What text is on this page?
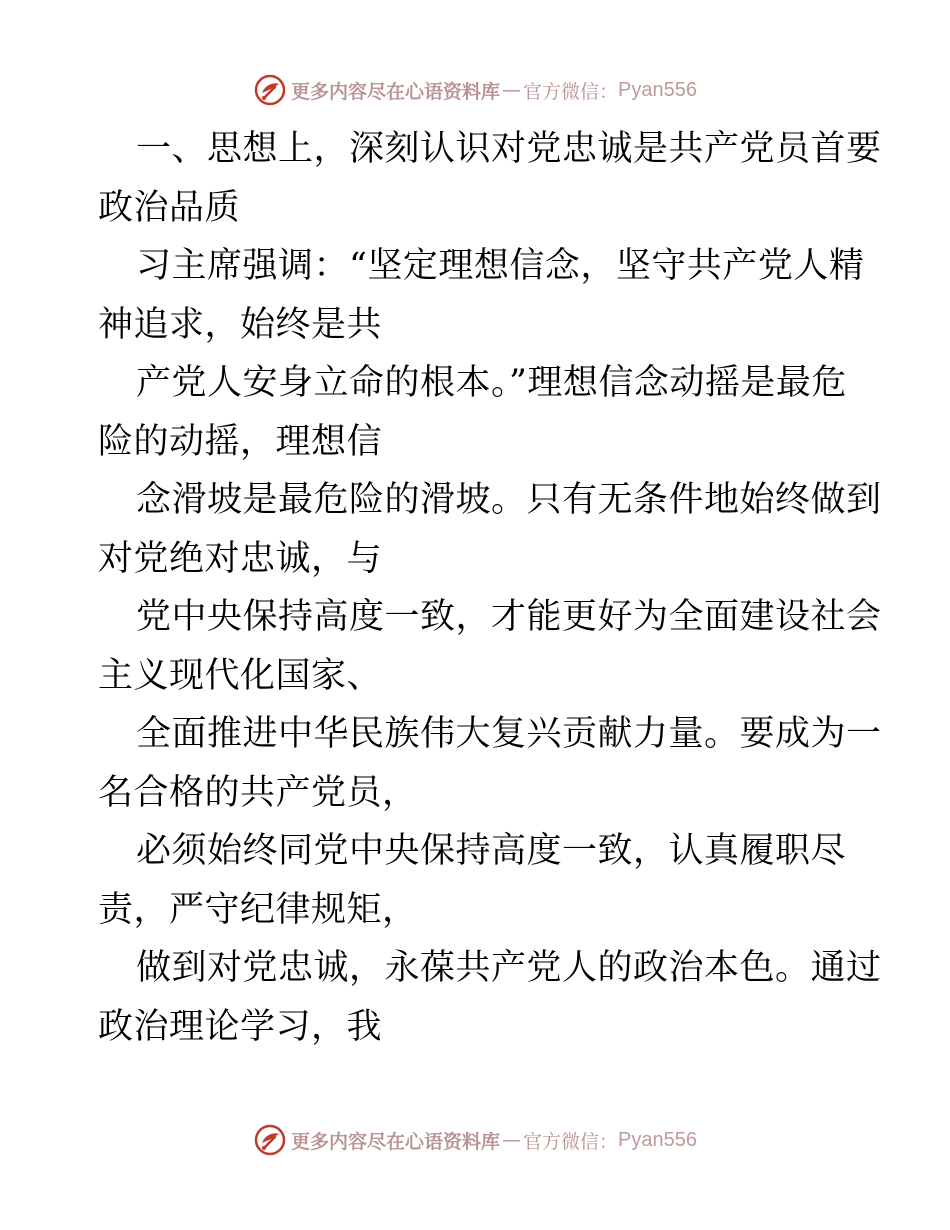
更多内容尽在心语资料库 — 官方微信： Pyan556
一、思想上，深刻认识对党忠诚是共产党员首要
政治品质
习主席强调：“坚定理想信念，坚守共产党人精
神追求，始终是共
产党人安身立命的根本。”理想信念动摇是最危
险的动摇，理想信
念滑坡是最危险的滑坡。只有无条件地始终做到
对党绝对忠诚，与
党中央保持高度一致，才能更好为全面建设社会
主义现代化国家、
全面推进中华民族伟大复兴贡献力量。要成为一
名合格的共产党员，
必须始终同党中央保持高度一致，认真履职尽
责，严守纪律规矩，
做到对党忠诚，永葆共产党人的政治本色。通过
政治理论学习，我
更多内容尽在心语资料库 — 官方微信： Pyan556
